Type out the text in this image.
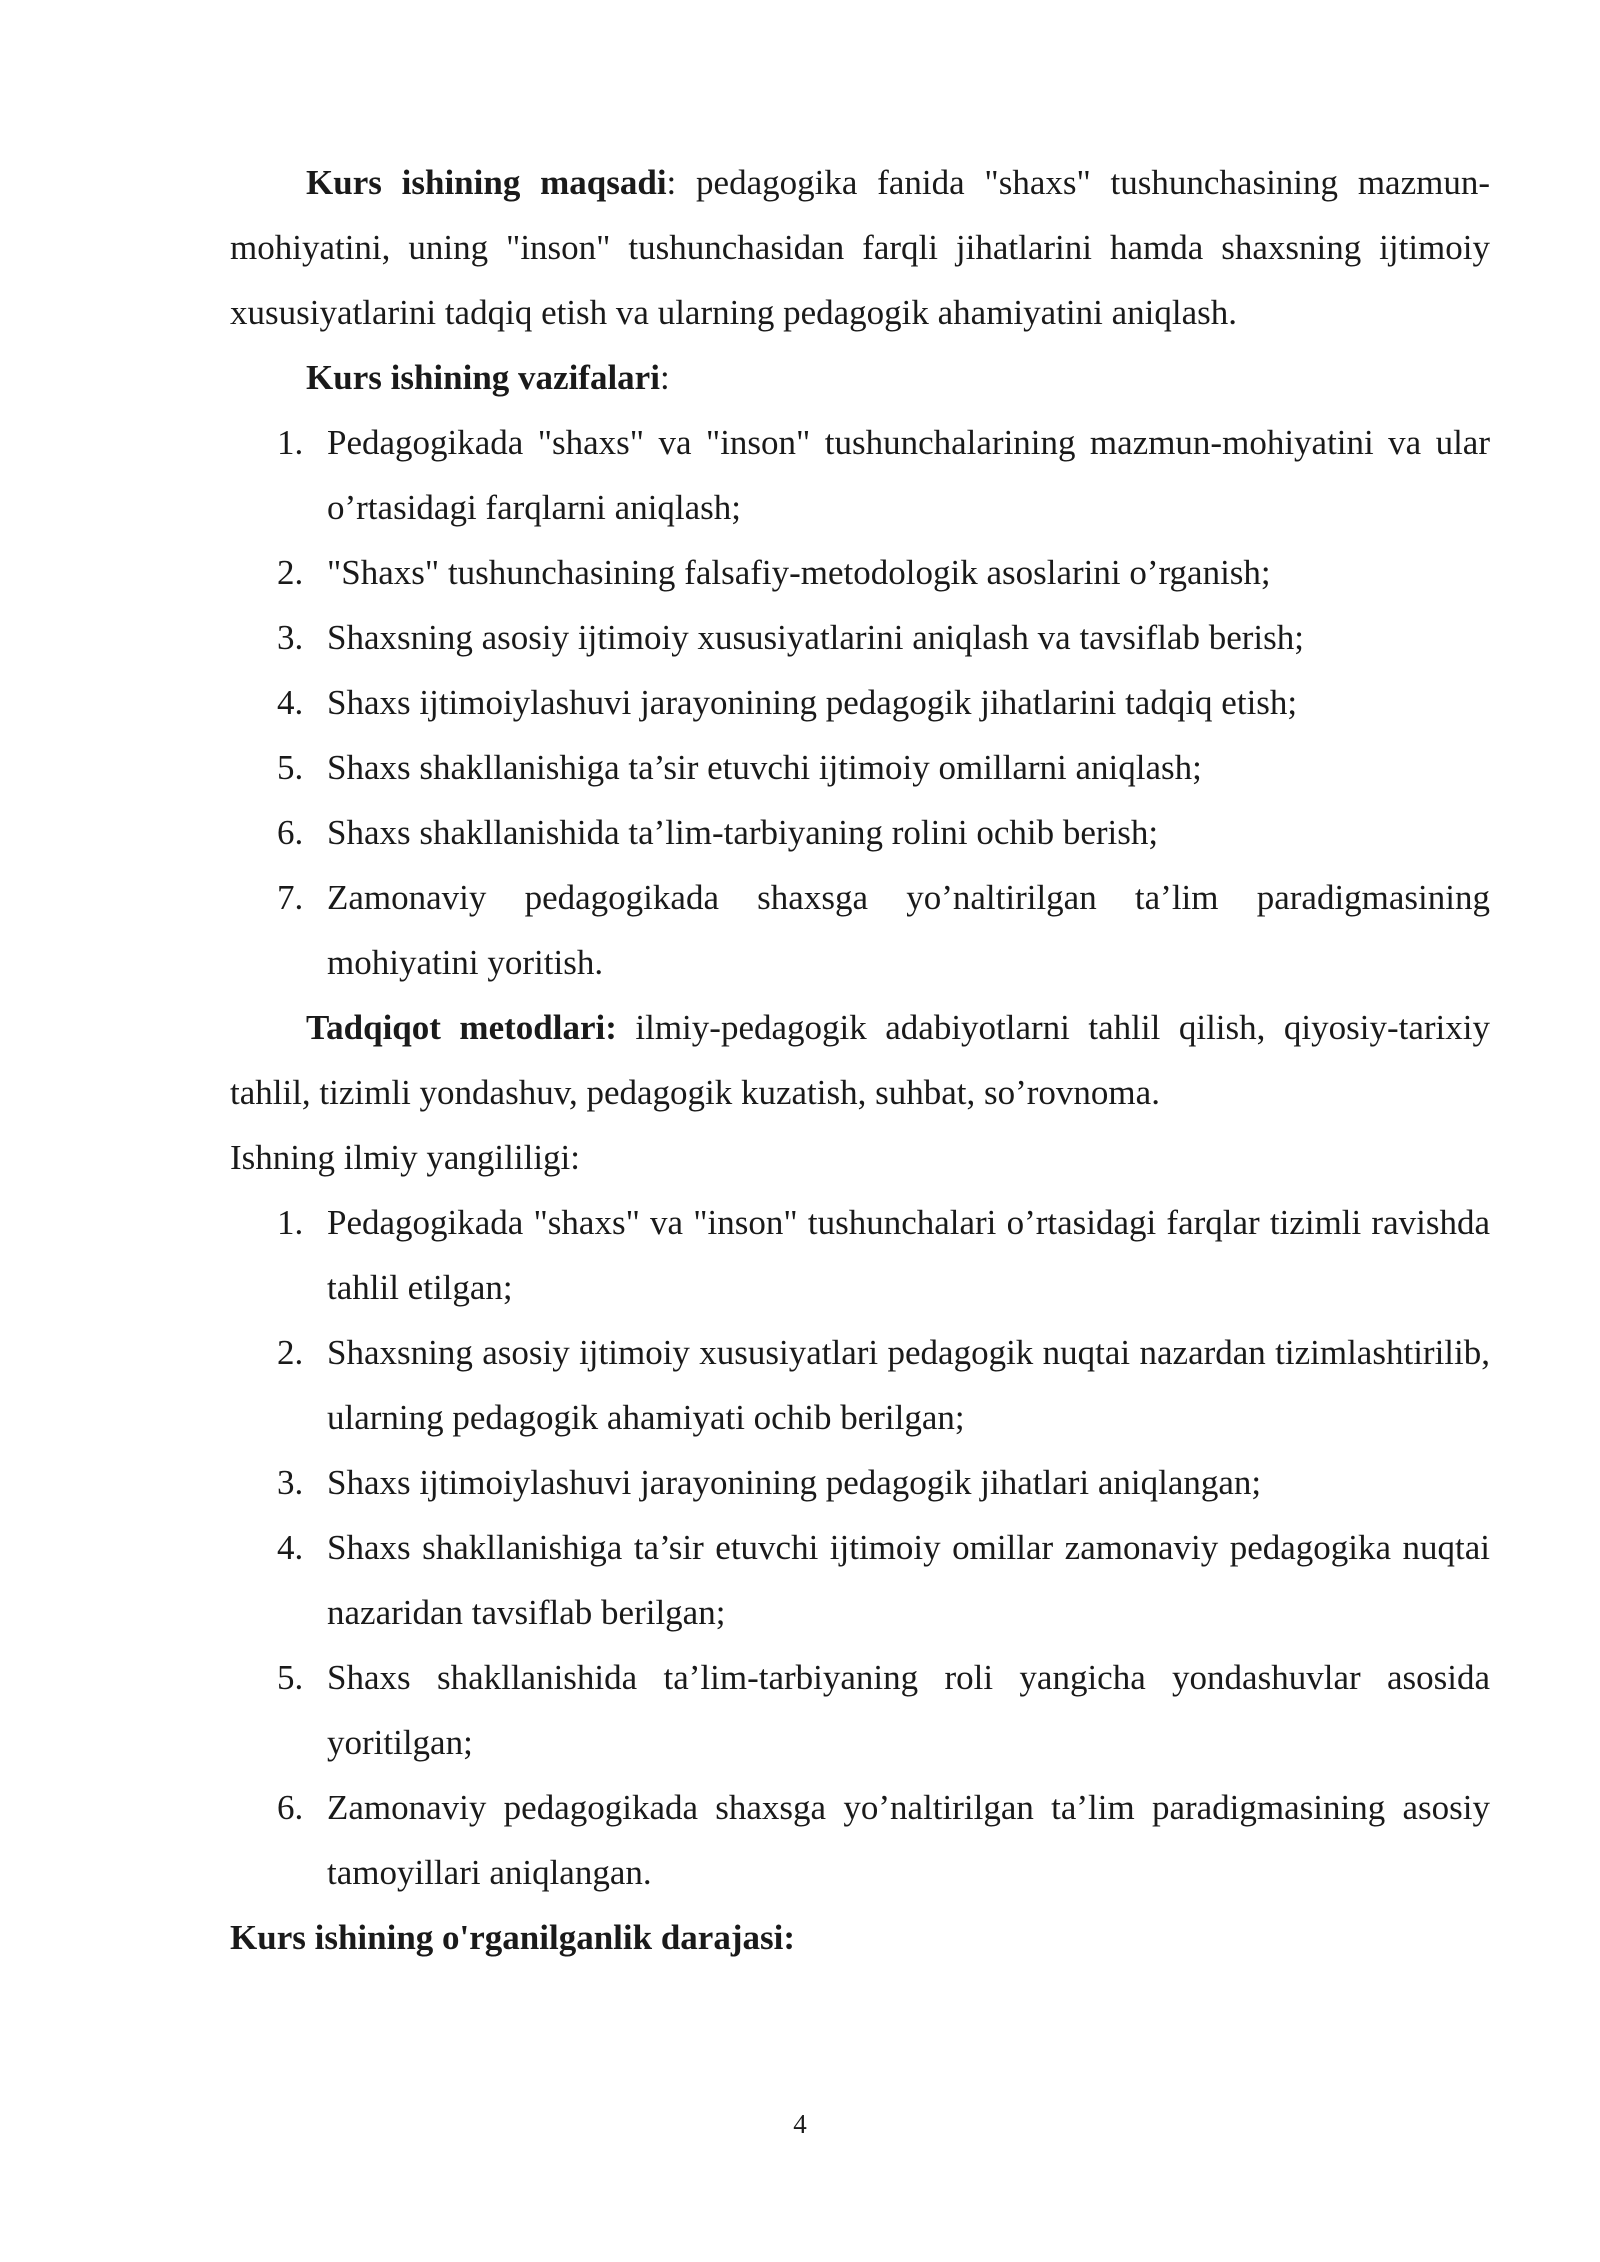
Kurs ishining maqsadi: pedagogika fanida "shaxs" tushunchasining mazmun-mohiyatini, uning "inson" tushunchasidan farqli jihatlarini hamda shaxsning ijtimoiy xususiyatlarini tadqiq etish va ularning pedagogik ahamiyatini aniqlash.

Kurs ishining vazifalari:

1. Pedagogikada "shaxs" va "inson" tushunchalarining mazmun-mohiyatini va ular o’rtasidagi farqlarni aniqlash;
2. "Shaxs" tushunchasining falsafiy-metodologik asoslarini o’rganish;
3. Shaxsning asosiy ijtimoiy xususiyatlarini aniqlash va tavsiflab berish;
4. Shaxs ijtimoiylashuvi jarayonining pedagogik jihatlarini tadqiq etish;
5. Shaxs shakllanishiga ta’sir etuvchi ijtimoiy omillarni aniqlash;
6. Shaxs shakllanishida ta’lim-tarbiyaning rolini ochib berish;
7. Zamonaviy pedagogikada shaxsga yo’naltirilgan ta’lim paradigmasining mohiyatini yoritish.

Tadqiqot metodlari: ilmiy-pedagogik adabiyotlarni tahlil qilish, qiyosiy-tarixiy tahlil, tizimli yondashuv, pedagogik kuzatish, suhbat, so’rovnoma.

Ishning ilmiy yangililigi:

1. Pedagogikada "shaxs" va "inson" tushunchalari o’rtasidagi farqlar tizimli ravishda tahlil etilgan;
2. Shaxsning asosiy ijtimoiy xususiyatlari pedagogik nuqtai nazardan tizimlashtirilib, ularning pedagogik ahamiyati ochib berilgan;
3. Shaxs ijtimoiylashuvi jarayonining pedagogik jihatlari aniqlangan;
4. Shaxs shakllanishiga ta’sir etuvchi ijtimoiy omillar zamonaviy pedagogika nuqtai nazaridan tavsiflab berilgan;
5. Shaxs shakllanishida ta’lim-tarbiyaning roli yangicha yondashuvlar asosida yoritilgan;
6. Zamonaviy pedagogikada shaxsga yo’naltirilgan ta’lim paradigmasining asosiy tamoyillari aniqlangan.

Kurs ishining o'rganilganlik darajasi:

4
